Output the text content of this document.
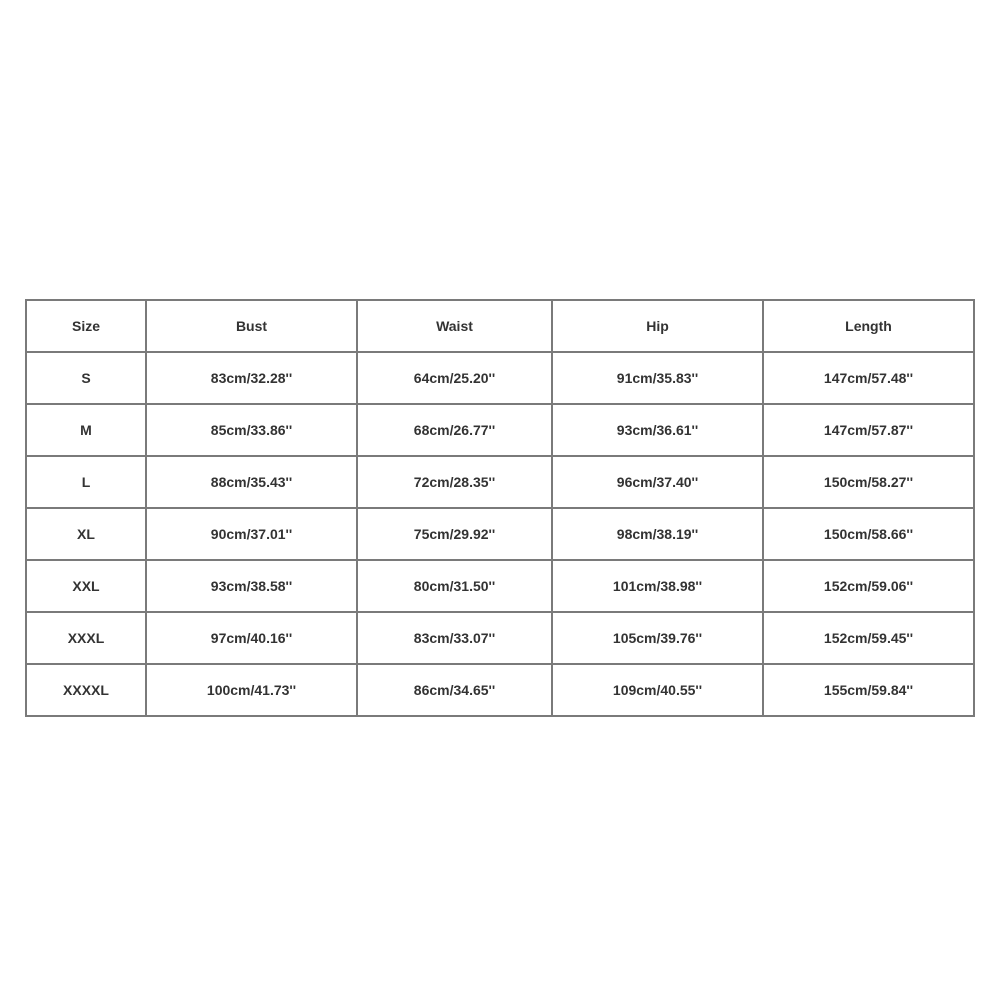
Size	Bust	Waist	Hip	Length
S	83cm/32.28''	64cm/25.20''	91cm/35.83''	147cm/57.48''
M	85cm/33.86''	68cm/26.77''	93cm/36.61''	147cm/57.87''
L	88cm/35.43''	72cm/28.35''	96cm/37.40''	150cm/58.27''
XL	90cm/37.01''	75cm/29.92''	98cm/38.19''	150cm/58.66''
XXL	93cm/38.58''	80cm/31.50''	101cm/38.98''	152cm/59.06''
XXXL	97cm/40.16''	83cm/33.07''	105cm/39.76''	152cm/59.45''
XXXXL	100cm/41.73''	86cm/34.65''	109cm/40.55''	155cm/59.84''
